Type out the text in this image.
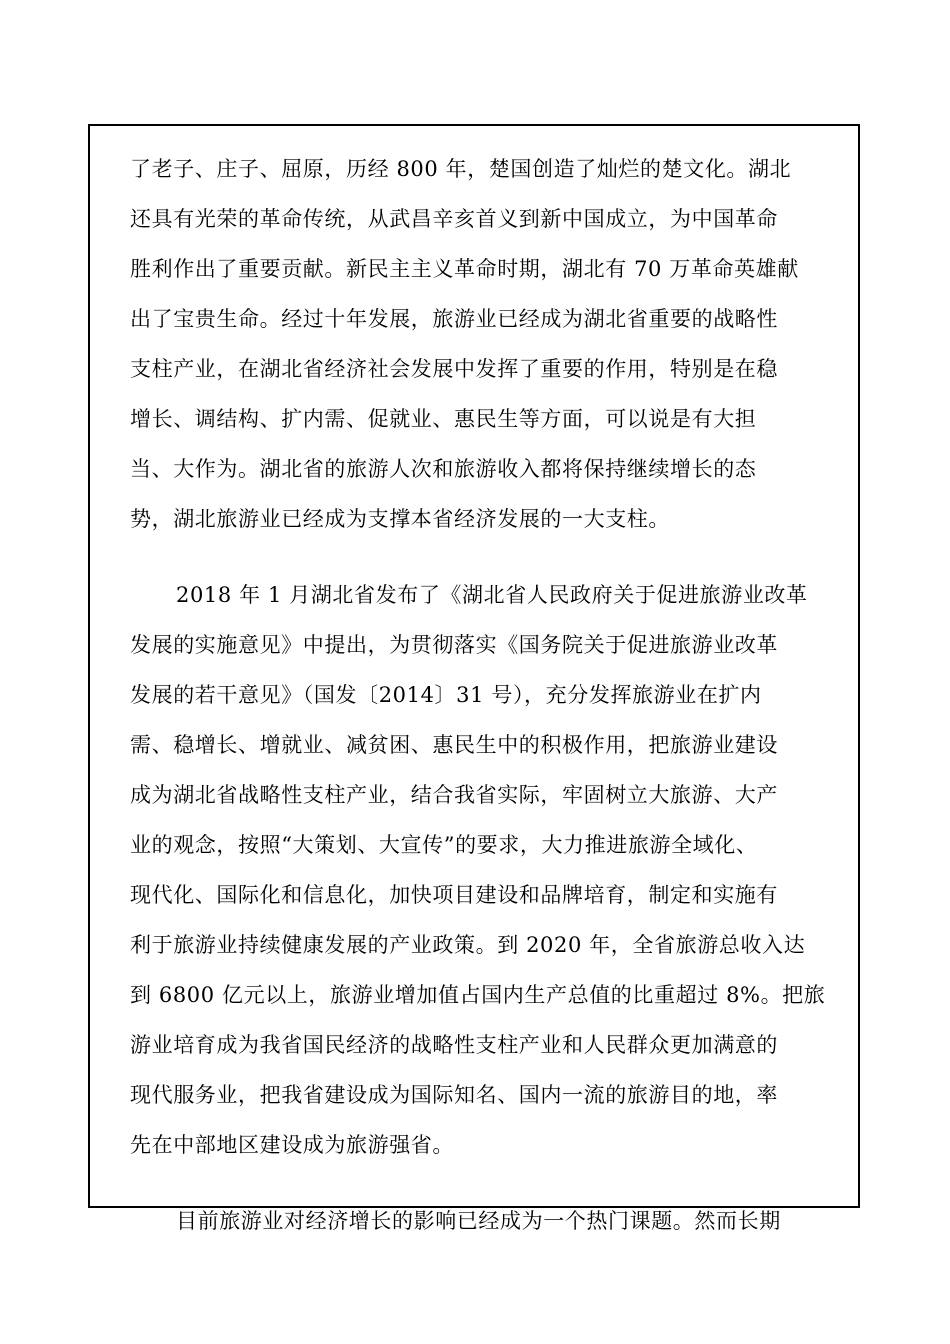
了老子、庄子、屈原，历经 800 年，楚国创造了灿烂的楚文化。湖北
还具有光荣的革命传统，从武昌辛亥首义到新中国成立，为中国革命
胜利作出了重要贡献。新民主主义革命时期，湖北有 70 万革命英雄献
出了宝贵生命。经过十年发展，旅游业已经成为湖北省重要的战略性
支柱产业，在湖北省经济社会发展中发挥了重要的作用，特别是在稳
增长、调结构、扩内需、促就业、惠民生等方面，可以说是有大担
当、大作为。湖北省的旅游人次和旅游收入都将保持继续增长的态
势，湖北旅游业已经成为支撑本省经济发展的一大支柱。
2018 年 1 月湖北省发布了《湖北省人民政府关于促进旅游业改革
发展的实施意见》中提出，为贯彻落实《国务院关于促进旅游业改革
发展的若干意见》（国发〔2014〕31 号），充分发挥旅游业在扩内
需、稳增长、增就业、减贫困、惠民生中的积极作用，把旅游业建设
成为湖北省战略性支柱产业，结合我省实际，牢固树立大旅游、大产
业的观念，按照“大策划、大宣传”的要求，大力推进旅游全域化、
现代化、国际化和信息化，加快项目建设和品牌培育，制定和实施有
利于旅游业持续健康发展的产业政策。到 2020 年，全省旅游总收入达
到 6800 亿元以上，旅游业增加值占国内生产总值的比重超过 8%。把旅
游业培育成为我省国民经济的战略性支柱产业和人民群众更加满意的
现代服务业，把我省建设成为国际知名、国内一流的旅游目的地，率
先在中部地区建设成为旅游强省。
目前旅游业对经济增长的影响已经成为一个热门课题。然而长期
